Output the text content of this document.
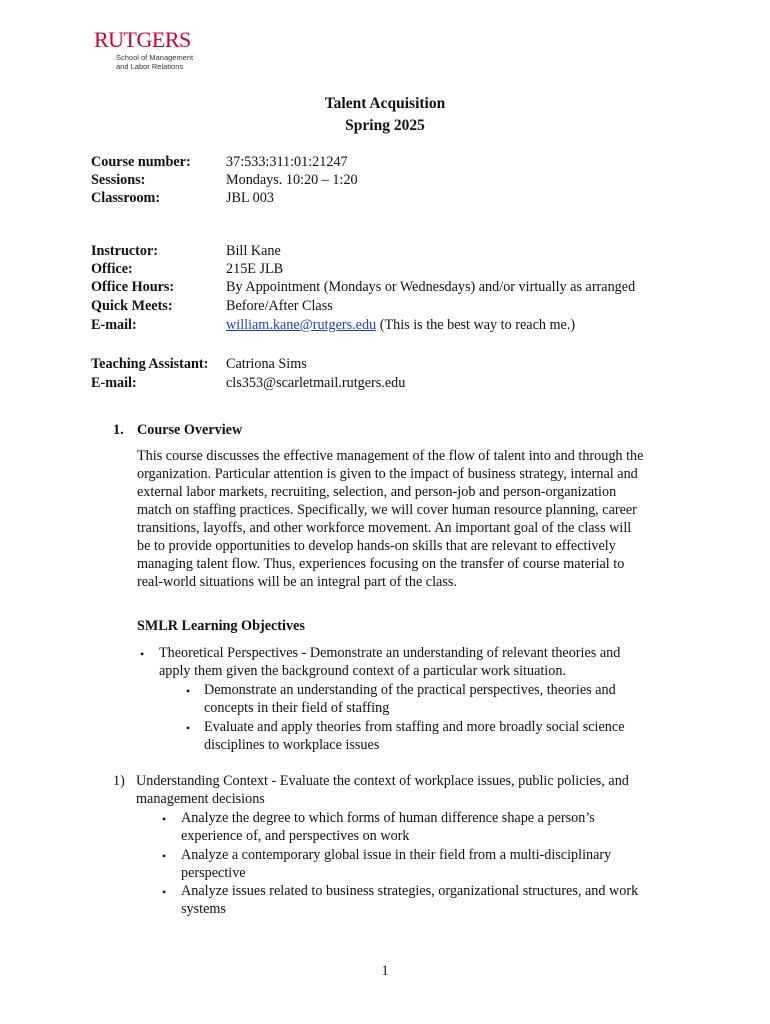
RUTGERS
School of Management
and Labor Relations
Talent Acquisition
Spring 2025
Course number: 37:533:311:01:21247
Sessions:	Mondays. 10:20 – 1:20
Classroom:	JBL 003
Instructor:	Bill Kane
Office:	215E JLB
Office Hours:	By Appointment (Mondays or Wednesdays) and/or virtually as arranged
Quick Meets:	Before/After Class
E-mail:	william.kane@rutgers.edu (This is the best way to reach me.)
Teaching Assistant: Catriona Sims
E-mail:	cls353@scarletmail.rutgers.edu
1. Course Overview
This course discusses the effective management of the flow of talent into and through the
organization. Particular attention is given to the impact of business strategy, internal and
external labor markets, recruiting, selection, and person-job and person-organization
match on staffing practices. Specifically, we will cover human resource planning, career
transitions, layoffs, and other workforce movement. An important goal of the class will
be to provide opportunities to develop hands-on skills that are relevant to effectively
managing talent flow. Thus, experiences focusing on the transfer of course material to
real-world situations will be an integral part of the class.
SMLR Learning Objectives
• Theoretical Perspectives - Demonstrate an understanding of relevant theories and
apply them given the background context of a particular work situation.
• Demonstrate an understanding of the practical perspectives, theories and
concepts in their field of staffing
• Evaluate and apply theories from staffing and more broadly social science
disciplines to workplace issues
1) Understanding Context - Evaluate the context of workplace issues, public policies, and
management decisions
• Analyze the degree to which forms of human difference shape a person’s
experience of, and perspectives on work
• Analyze a contemporary global issue in their field from a multi-disciplinary
perspective
• Analyze issues related to business strategies, organizational structures, and work
systems
1
